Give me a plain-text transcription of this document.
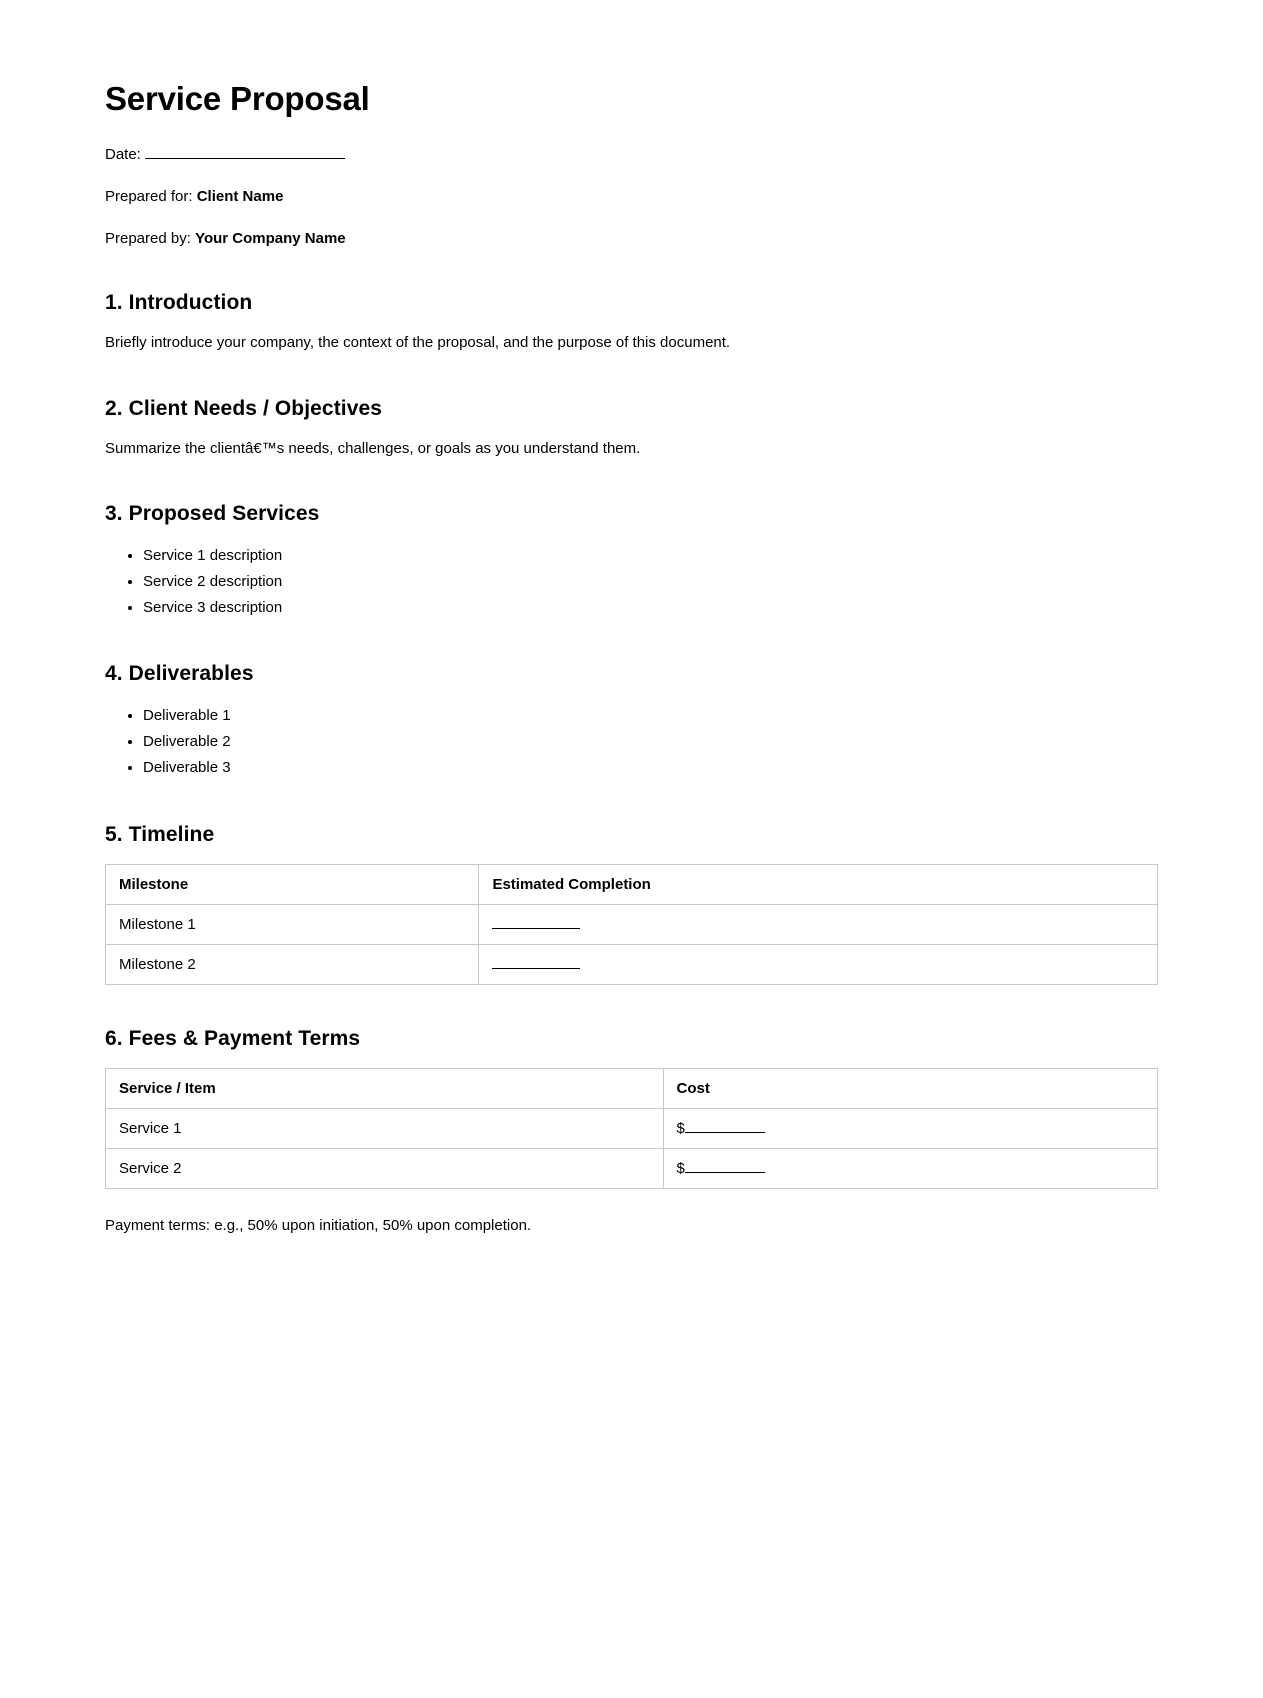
Service Proposal

Date:

Prepared for: Client Name

Prepared by: Your Company Name

1. Introduction

Briefly introduce your company, the context of the proposal, and the purpose of this document.

2. Client Needs / Objectives

Summarize the clientâ€™s needs, challenges, or goals as you understand them.

3. Proposed Services
• Service 1 description
• Service 2 description
• Service 3 description
4. Deliverables
• Deliverable 1
• Deliverable 2
• Deliverable 3
5. Timeline
Milestone	Estimated Completion
Milestone 1	
Milestone 2	
6. Fees & Payment Terms
Service / Item	Cost
Service 1	$
Service 2	$

Payment terms: e.g., 50% upon initiation, 50% upon completion.
